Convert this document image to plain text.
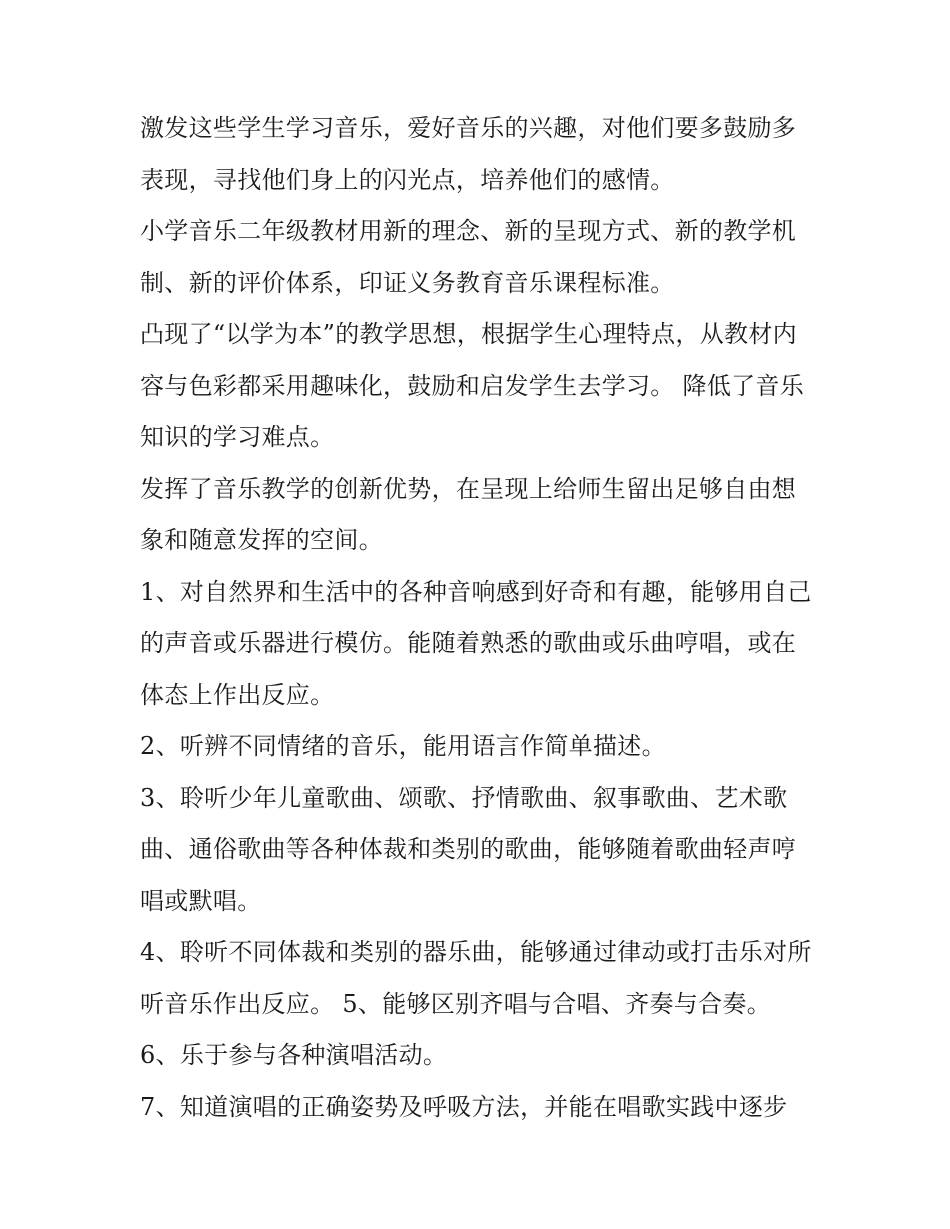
激发这些学生学习音乐，爱好音乐的兴趣，对他们要多鼓励多表现，寻找他们身上的闪光点，培养他们的感情。

小学音乐二年级教材用新的理念、新的呈现方式、新的教学机制、新的评价体系，印证义务教育音乐课程标准。

凸现了“以学为本”的教学思想，根据学生心理特点，从教材内容与色彩都采用趣味化，鼓励和启发学生去学习。 降低了音乐知识的学习难点。

发挥了音乐教学的创新优势，在呈现上给师生留出足够自由想象和随意发挥的空间。

1、对自然界和生活中的各种音响感到好奇和有趣，能够用自己的声音或乐器进行模仿。能随着熟悉的歌曲或乐曲哼唱，或在体态上作出反应。

2、听辨不同情绪的音乐，能用语言作简单描述。

3、聆听少年儿童歌曲、颂歌、抒情歌曲、叙事歌曲、艺术歌曲、通俗歌曲等各种体裁和类别的歌曲，能够随着歌曲轻声哼唱或默唱。

4、聆听不同体裁和类别的器乐曲，能够通过律动或打击乐对所听音乐作出反应。 5、能够区别齐唱与合唱、齐奏与合奏。

6、乐于参与各种演唱活动。

7、知道演唱的正确姿势及呼吸方法，并能在唱歌实践中逐步
